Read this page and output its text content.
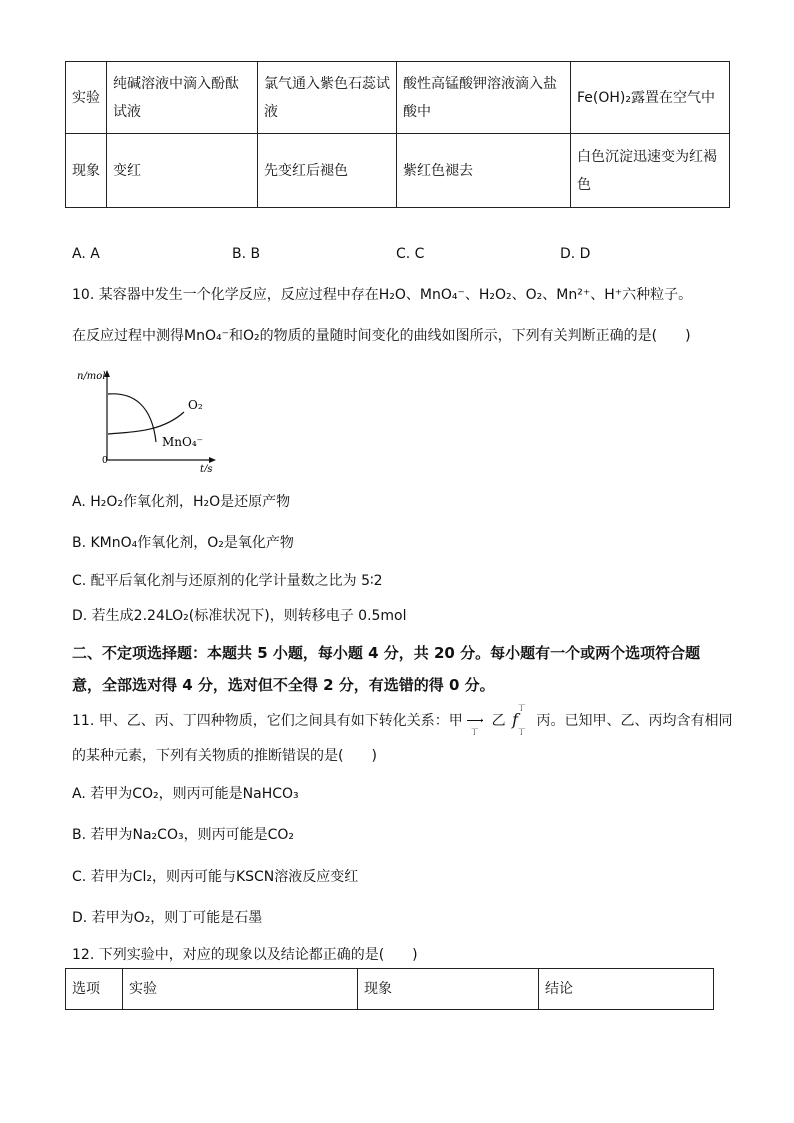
实验	纯碱溶液中滴入酚酞试液	氯气通入紫色石蕊试液	酸性高锰酸钾溶液滴入盐酸中	Fe(OH)₂露置在空气中
现象	变红	先变红后褪色	紫红色褪去	白色沉淀迅速变为红褐色
A. A	B. B	C. C	D. D
10. 某容器中发生一个化学反应，反应过程中存在H₂O、MnO₄⁻、H₂O₂、O₂、Mn²⁺、H⁺六种粒子。
在反应过程中测得MnO₄⁻和O₂的物质的量随时间变化的曲线如图所示，下列有关判断正确的是(　　)
n/mol
t/s
0
O₂
MnO₄⁻
A. H₂O₂作氧化剂，H₂O是还原产物
B. KMnO₄作氧化剂，O₂是氧化产物
C. 配平后氧化剂与还原剂的化学计量数之比为 5∶2
D. 若生成2.24LO₂(标准状况下)，则转移电子 0.5mol
二、不定项选择题：本题共 5 小题，每小题 4 分，共 20 分。每小题有一个或两个选项符合题
意，全部选对得 4 分，选对但不全得 2 分，有选错的得 0 分。
11. 甲、乙、丙、丁四种物质，它们之间具有如下转化关系：甲 ›
丁
乙 f
丁
丁
丙。已知甲、乙、丙均含有相同
的某种元素，下列有关物质的推断错误的是(　　)
A. 若甲为CO₂，则丙可能是NaHCO₃
B. 若甲为Na₂CO₃，则丙可能是CO₂
C. 若甲为Cl₂，则丙可能与KSCN溶液反应变红
D. 若甲为O₂，则丁可能是石墨
12. 下列实验中，对应的现象以及结论都正确的是(　　)
选项	实验	现象	结论
